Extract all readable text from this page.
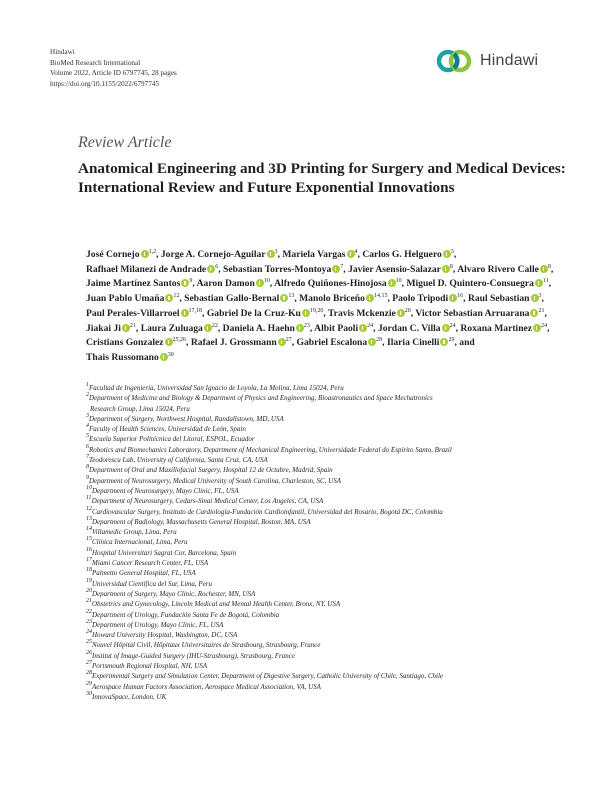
Hindawi
BioMed Research International
Volume 2022, Article ID 6797745, 28 pages
https://doi.org/10.1155/2022/6797745
Hindawi
Review Article
Anatomical Engineering and 3D Printing for Surgery and Medical Devices: International Review and Future Exponential Innovations
José Cornejo $^{1,2}$, Jorge A. Cornejo-Aguilar $^3$, Mariela Vargas $^4$, Carlos G. Helguero $^5$, Rafhael Milanezi de Andrade $^6$, Sebastian Torres-Montoya $^7$, Javier Asensio-Salazar $^8$, Alvaro Rivero Calle $^8$, Jaime Martínez Santos $^9$, Aaron Damon $^{10}$, Alfredo Quiñones-Hinojosa $^{10}$, Miguel D. Quintero-Consuegra $^{11}$, Juan Pablo Umaña $^{12}$, Sebastian Gallo-Bernal $^{13}$, Manolo Briceño $^{14,15}$, Paolo Tripodi $^{16}$, Raul Sebastian $^3$, Paul Perales-Villarroel $^{17,18}$, Gabriel De la Cruz-Ku $^{19,20}$, Travis Mckenzie $^{20}$, Victor Sebastian Arruarana $^{21}$, Jiakai Ji $^{21}$, Laura Zuluaga $^{22}$, Daniela A. Haehn $^{23}$, Albit Paoli $^{24}$, Jordan C. Villa $^{24}$, Roxana Martinez $^{24}$, Cristians Gonzalez $^{25,26}$, Rafael J. Grossmann $^{27}$, Gabriel Escalona $^{28}$, Ilaria Cinelli $^{29}$, and Thais Russomano $^{30}$
$^1$Facultad de Ingeniería, Universidad San Ignacio de Loyola, La Molina, Lima 15024, Peru
$^2$Department of Medicine and Biology & Department of Physics and Engineering, Bioastronautics and Space Mechatronics
Research Group, Lima 15024, Peru
$^3$Department of Surgery, Northwest Hospital, Randallstown, MD, USA
$^4$Faculty of Health Sciences, Universidad de León, Spain
$^5$Escuela Superior Politécnica del Litoral, ESPOL, Ecuador
$^6$Robotics and Biomechanics Laboratory, Department of Mechanical Engineering, Universidade Federal do Espírito Santo, Brazil
$^7$Teodorescu Lab, University of California, Santa Cruz, CA, USA
$^8$Department of Oral and Maxillofacial Surgery, Hospital 12 de Octubre, Madrid, Spain
$^9$Department of Neurosurgery, Medical University of South Carolina, Charleston, SC, USA
$^{10}$Department of Neurosurgery, Mayo Clinic, FL, USA
$^{11}$Department of Neurosurgery, Cedars-Sinai Medical Center, Los Angeles, CA, USA
$^{12}$Cardiovascular Surgery, Instituto de Cardiología-Fundación Cardioinfantil, Universidad del Rosario, Bogotá DC, Colombia
$^{13}$Department of Radiology, Massachusetts General Hospital, Boston, MA, USA
$^{14}$Villamedic Group, Lima, Peru
$^{15}$Clínica Internacional, Lima, Peru
$^{16}$Hospital Universitari Sagrat Cor, Barcelona, Spain
$^{17}$Miami Cancer Research Center, FL, USA
$^{18}$Palmetto General Hospital, FL, USA
$^{19}$Universidad Científica del Sur, Lima, Peru
$^{20}$Department of Surgery, Mayo Clinic, Rochester, MN, USA
$^{21}$Obstetrics and Gynecology, Lincoln Medical and Mental Health Center, Bronx, NY, USA
$^{22}$Department of Urology, Fundación Santa Fe de Bogotá, Colombia
$^{23}$Department of Urology, Mayo Clinic, FL, USA
$^{24}$Howard University Hospital, Washington, DC, USA
$^{25}$Nouvel Hôpital Civil, Hôpitaux Universitaires de Strasbourg, Strasbourg, France
$^{26}$Institut of Image-Guided Surgery (IHU-Strasbourg), Strasbourg, France
$^{27}$Portsmouth Regional Hospital, NH, USA
$^{28}$Experimental Surgery and Simulation Center, Department of Digestive Surgery, Catholic University of Chile, Santiago, Chile
$^{29}$Aerospace Human Factors Association, Aerospace Medical Association, VA, USA
$^{30}$InnovaSpace, London, UK
